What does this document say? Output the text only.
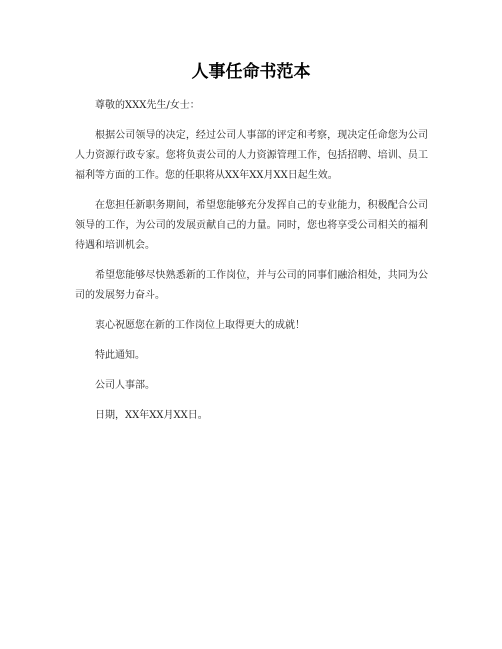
人事任命书范本

尊敬的XXX先生/女士：

根据公司领导的决定，经过公司人事部的评定和考察，现决定任命您为公司人力资源行政专家。您将负责公司的人力资源管理工作，包括招聘、培训、员工福利等方面的工作。您的任职将从XX年XX月XX日起生效。

在您担任新职务期间，希望您能够充分发挥自己的专业能力，积极配合公司领导的工作，为公司的发展贡献自己的力量。同时，您也将享受公司相关的福利待遇和培训机会。

希望您能够尽快熟悉新的工作岗位，并与公司的同事们融洽相处，共同为公司的发展努力奋斗。

衷心祝愿您在新的工作岗位上取得更大的成就！

特此通知。

公司人事部。

日期，XX年XX月XX日。
